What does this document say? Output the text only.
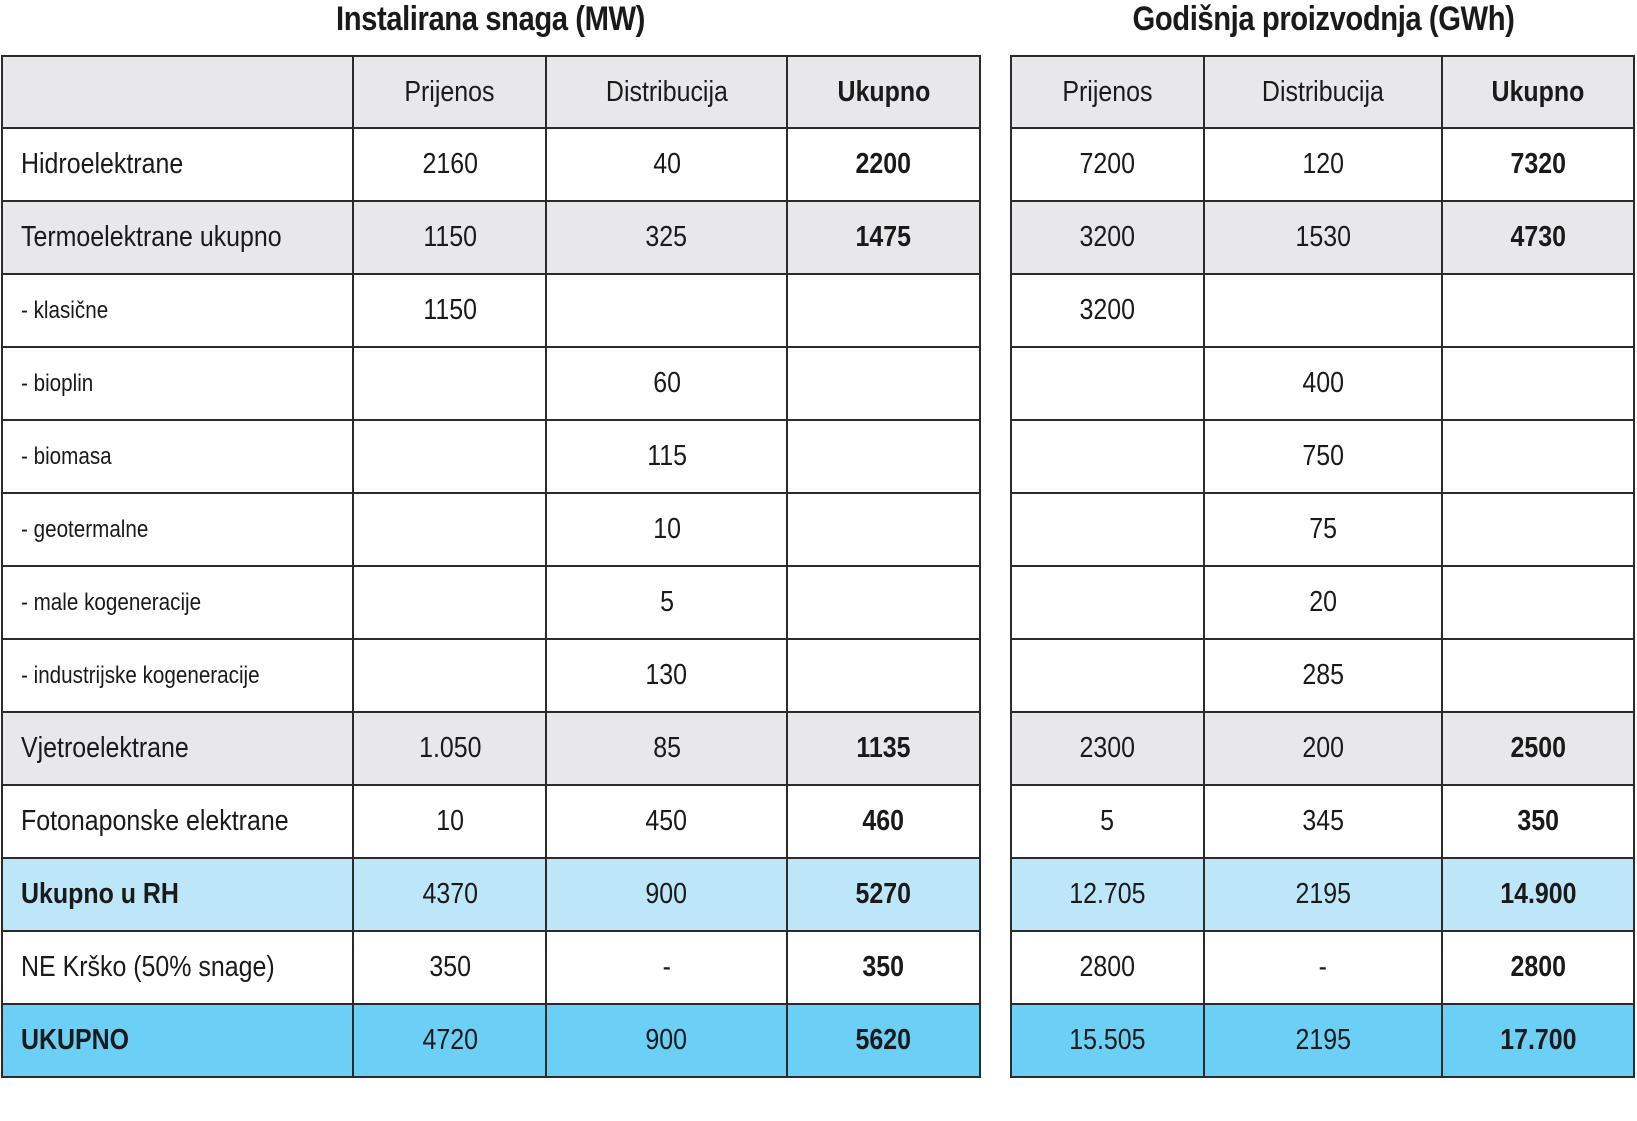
Instalirana snaga (MW)	Godišnja proizvodnja (GWh)
	Prijenos	Distribucija	Ukupno
Hidroelektrane	2160	40	2200
Termoelektrane ukupno	1150	325	1475
- klasične	1150		
- bioplin		60	
- biomasa		115	
- geotermalne		10	
- male kogeneracije		5	
- industrijske kogeneracije		130	
Vjetroelektrane	1.050	85	1135
Fotonaponske elektrane	10	450	460
Ukupno u RH	4370	900	5270
NE Krško (50% snage)	350	-	350
UKUPNO	4720	900	5620
Prijenos	Distribucija	Ukupno
7200	120	7320
3200	1530	4730
3200		
	400	
	750	
	75	
	20	
	285	
2300	200	2500
5	345	350
12.705	2195	14.900
2800	-	2800
15.505	2195	17.700
